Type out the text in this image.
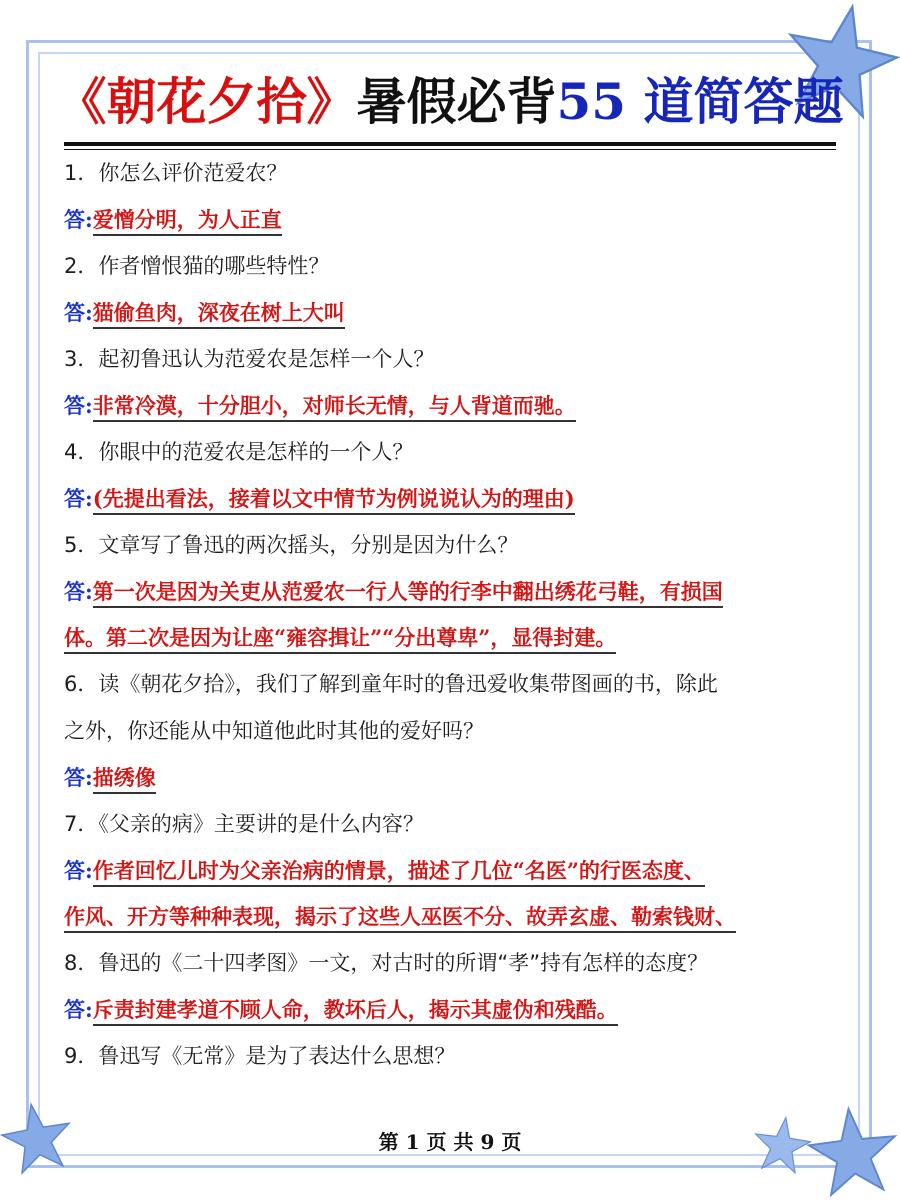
《朝花夕拾》暑假必背55 道简答题

1．你怎么评价范爱农？

答:爱憎分明，为人正直

2．作者憎恨猫的哪些特性？

答:猫偷鱼肉，深夜在树上大叫

3．起初鲁迅认为范爱农是怎样一个人？

答:非常冷漠，十分胆小，对师长无情，与人背道而驰。

4．你眼中的范爱农是怎样的一个人？

答:(先提出看法，接着以文中情节为例说说认为的理由)

5．文章写了鲁迅的两次摇头，分别是因为什么？

答:第一次是因为关吏从范爱农一行人等的行李中翻出绣花弓鞋，有损国

体。第二次是因为让座“雍容揖让”“分出尊卑”，显得封建。

6．读《朝花夕拾》，我们了解到童年时的鲁迅爱收集带图画的书，除此

之外，你还能从中知道他此时其他的爱好吗？

答:描绣像

7．《父亲的病》主要讲的是什么内容？

答:作者回忆儿时为父亲治病的情景，描述了几位“名医”的行医态度、

作风、开方等种种表现，揭示了这些人巫医不分、故弄玄虚、勒索钱财、

8．鲁迅的《二十四孝图》一文，对古时的所谓“孝”持有怎样的态度？

答:斥责封建孝道不顾人命，教坏后人，揭示其虚伪和残酷。

9．鲁迅写《无常》是为了表达什么思想？

第 1 页 共 9 页
